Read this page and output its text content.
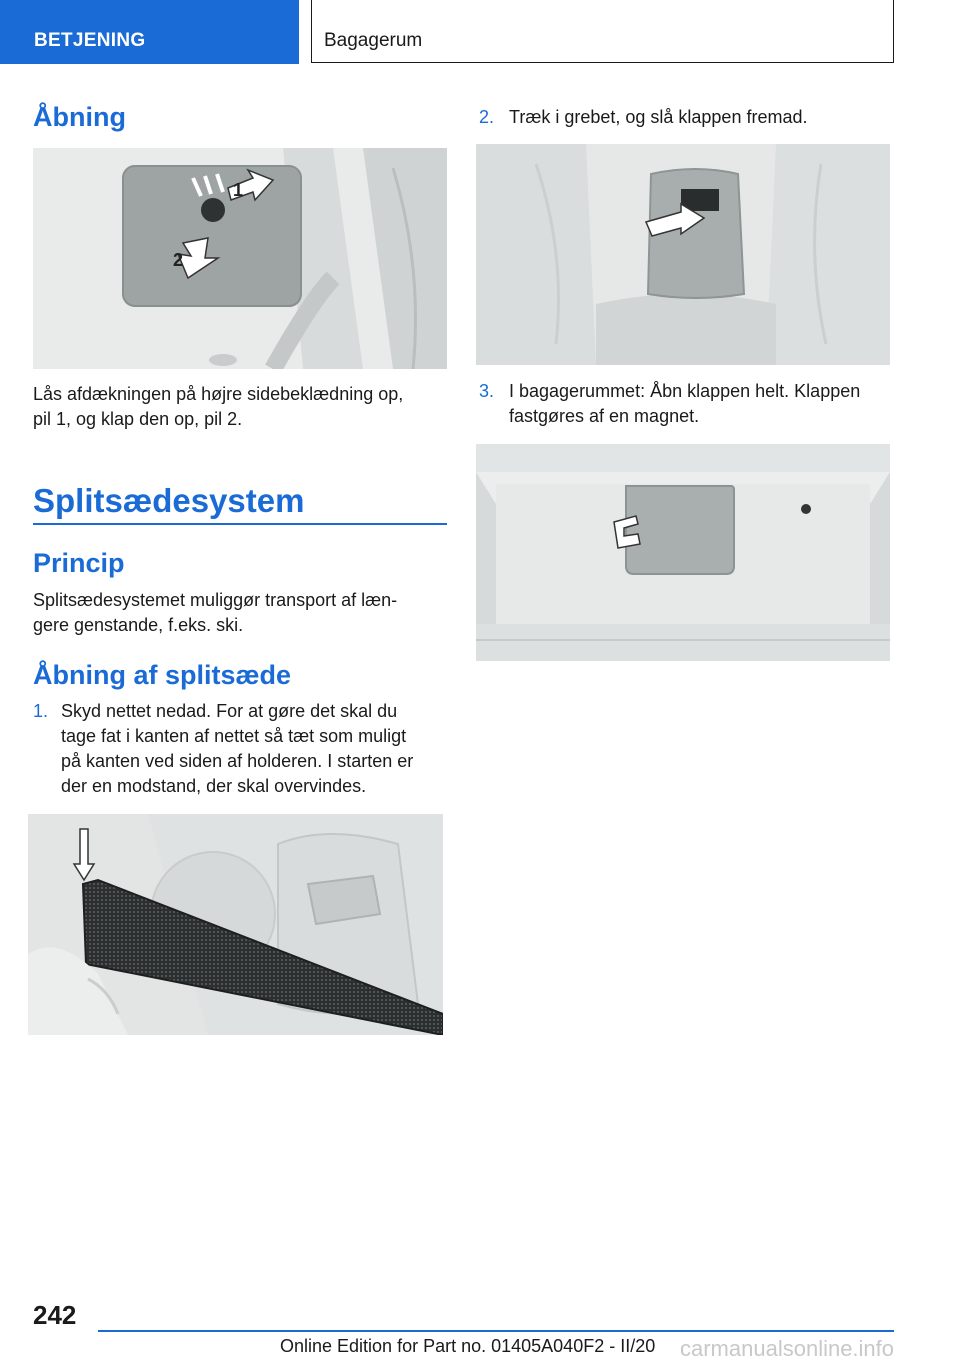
BETJENING	Bagagerum
Åbning
1
2
Lås afdækningen på højre sidebeklædning op,
pil 1, og klap den op, pil 2.
Splitsædesystem
Princip
Splitsædesystemet muliggør transport af læn-
gere genstande, f.eks. ski.
Åbning af splitsæde
1. Skyd nettet nedad. For at gøre det skal du
tage fat i kanten af nettet så tæt som muligt
på kanten ved siden af holderen. I starten er
der en modstand, der skal overvindes.
2. Træk i grebet, og slå klappen fremad.
3. I bagagerummet: Åbn klappen helt. Klappen
fastgøres af en magnet.
242
Online Edition for Part no. 01405A040F2 - II/20 carmanualsonline.info
